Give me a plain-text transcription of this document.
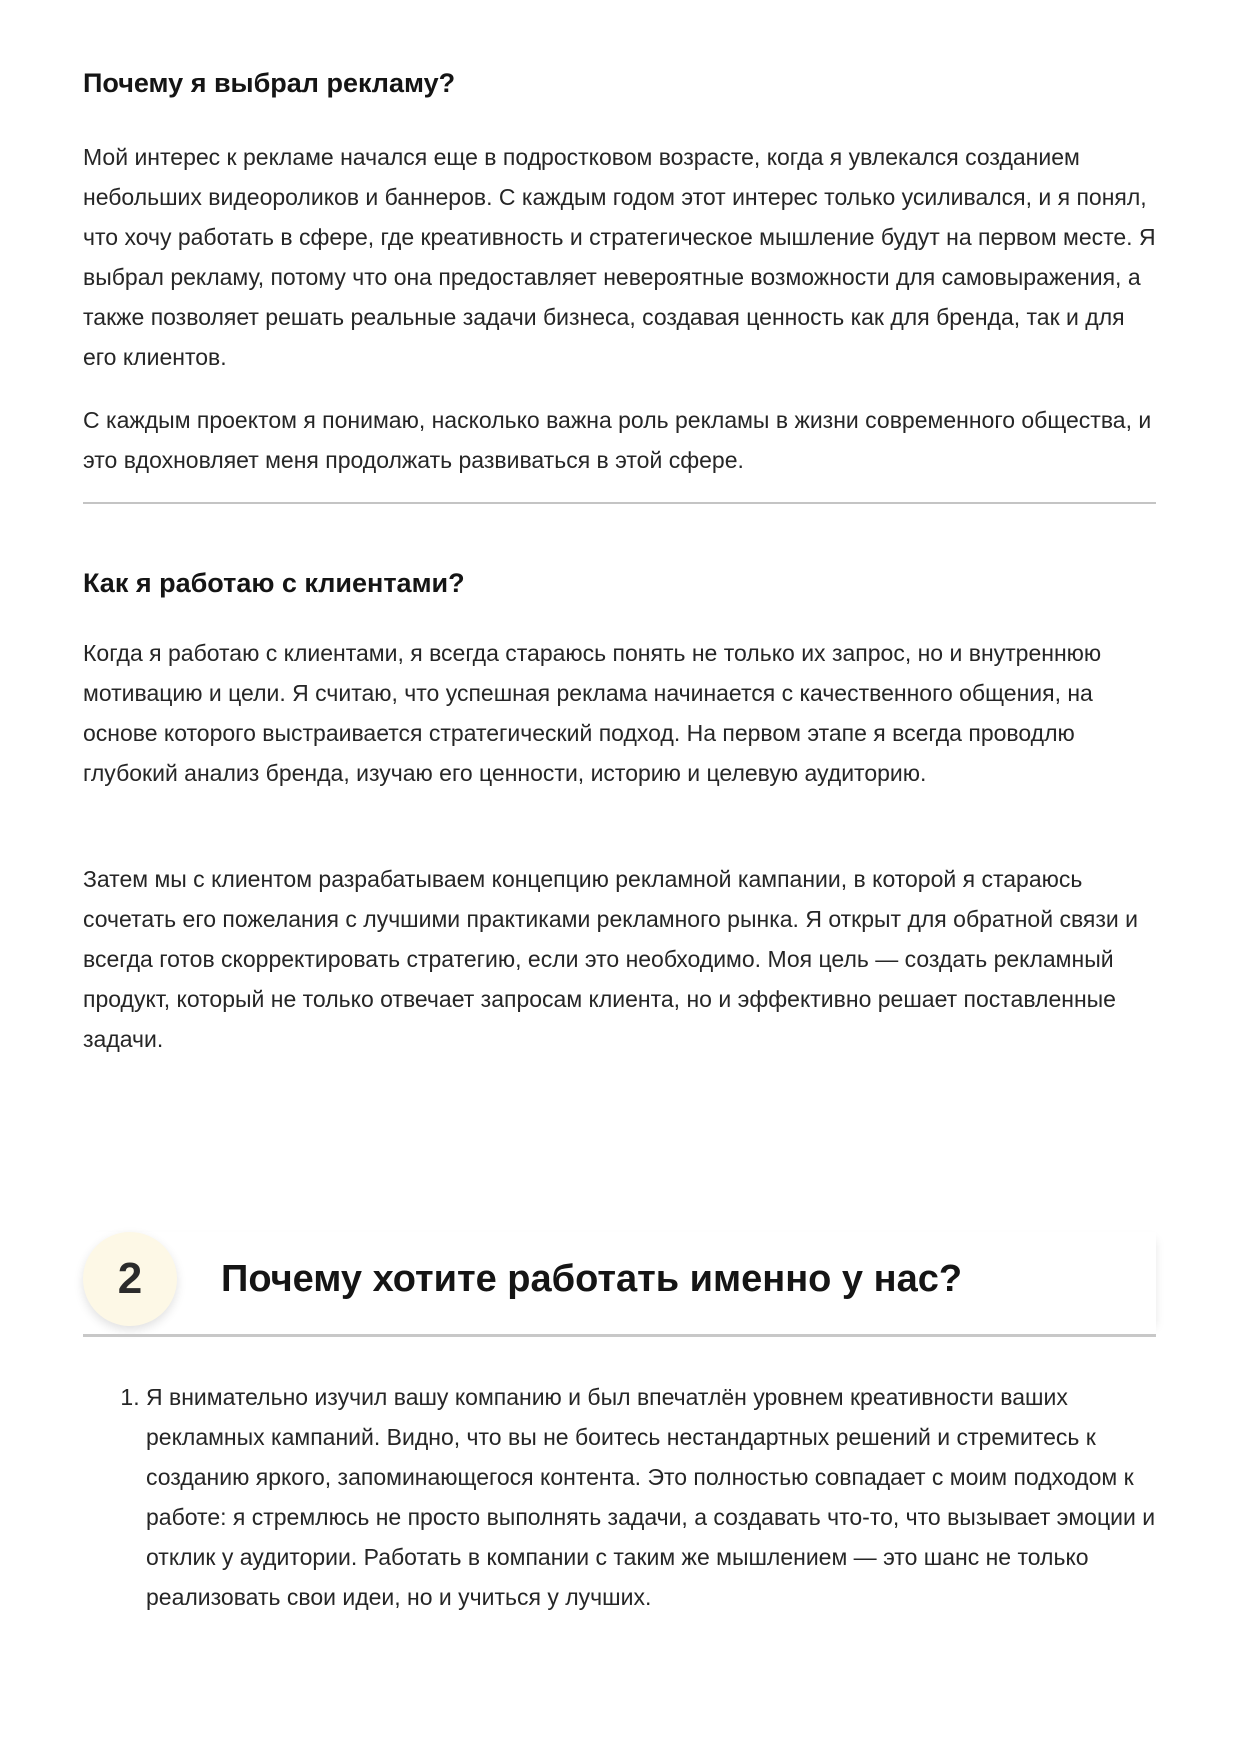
Почему я выбрал рекламу?

Мой интерес к рекламе начался еще в подростковом возрасте, когда я увлекался созданием небольших видеороликов и баннеров. С каждым годом этот интерес только усиливался, и я понял, что хочу работать в сфере, где креативность и стратегическое мышление будут на первом месте. Я выбрал рекламу, потому что она предоставляет невероятные возможности для самовыражения, а также позволяет решать реальные задачи бизнеса, создавая ценность как для бренда, так и для его клиентов.

С каждым проектом я понимаю, насколько важна роль рекламы в жизни современного общества, и это вдохновляет меня продолжать развиваться в этой сфере.

Как я работаю с клиентами?

Когда я работаю с клиентами, я всегда стараюсь понять не только их запрос, но и внутреннюю мотивацию и цели. Я считаю, что успешная реклама начинается с качественного общения, на основе которого выстраивается стратегический подход. На первом этапе я всегда проводлю глубокий анализ бренда, изучаю его ценности, историю и целевую аудиторию.

Затем мы с клиентом разрабатываем концепцию рекламной кампании, в которой я стараюсь сочетать его пожелания с лучшими практиками рекламного рынка. Я открыт для обратной связи и всегда готов скорректировать стратегию, если это необходимо. Моя цель — создать рекламный продукт, который не только отвечает запросам клиента, но и эффективно решает поставленные задачи.

2	Почему хотите работать именно у нас?
1. Я внимательно изучил вашу компанию и был впечатлён уровнем креативности ваших рекламных кампаний. Видно, что вы не боитесь нестандартных решений и стремитесь к созданию яркого, запоминающегося контента. Это полностью совпадает с моим подходом к работе: я стремлюсь не просто выполнять задачи, а создавать что-то, что вызывает эмоции и отклик у аудитории. Работать в компании с таким же мышлением — это шанс не только реализовать свои идеи, но и учиться у лучших.
